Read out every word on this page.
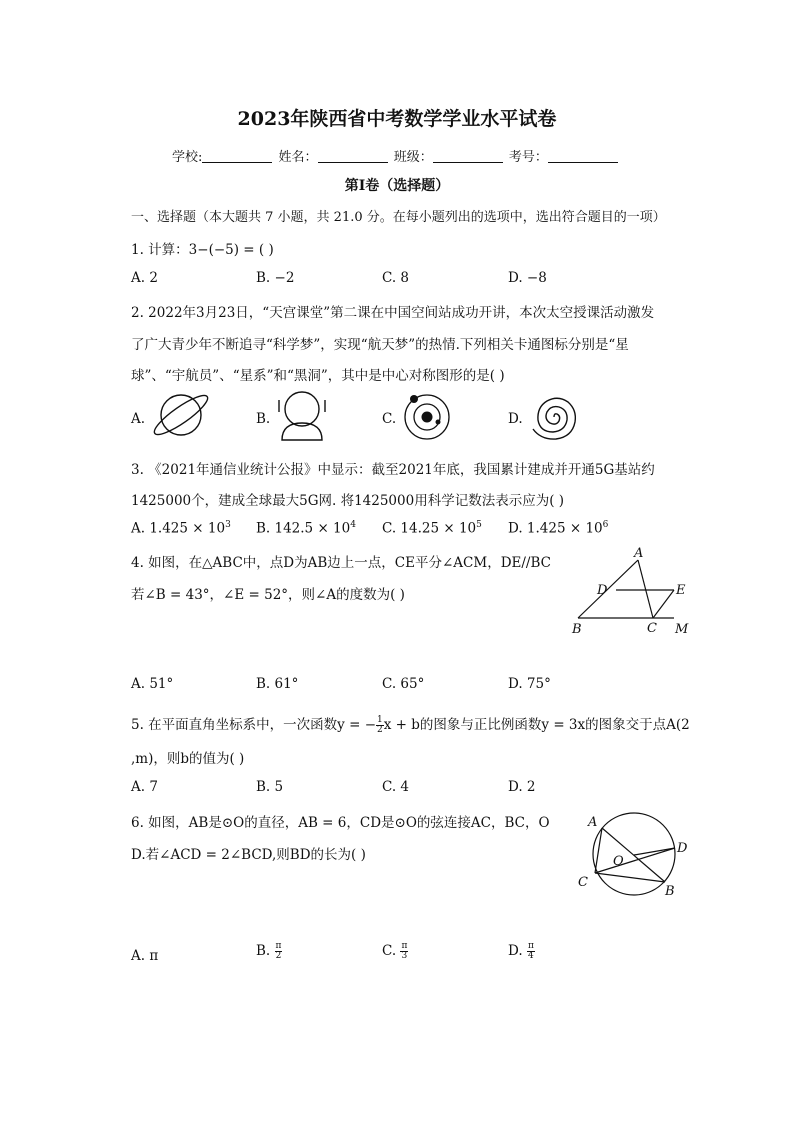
2023年陕西省中考数学学业水平试卷
学校:	姓名：	班级：	考号：
第I卷（选择题）
一、选择题（本大题共 7 小题，共 21.0 分。在每小题列出的选项中，选出符合题目的一项）
1. 计算：3−(−5) = ( )
A. 2	B. −2	C. 8	D. −8
2. 2022年3月23日，“天宫课堂”第二课在中国空间站成功开讲，本次太空授课活动激发
了广大青少年不断追寻“科学梦”，实现“航天梦”的热情.下列相关卡通图标分别是“星
球”、“宇航员”、“星系”和“黑洞”，其中是中心对称图形的是( )
A.	B.	C.	D.
3. 《2021年通信业统计公报》中显示：截至2021年底，我国累计建成并开通5G基站约
1425000个，建成全球最大5G网. 将1425000用科学记数法表示应为( )
A. $1.425 \times 10^3$ B. $142.5 \times 10^4$ C. $14.25 \times 10^5$ D. $1.425 \times 10^6$
4. 如图，在△ABC中，点D为AB边上一点，CE平分∠ACM，DE//BC
若∠B = 43°，∠E = 52°，则∠A的度数为( )
A
B	C
D	E
M
A. 51°	B. 61°	C. 65°	D. 75°
5. 在平面直角坐标系中，一次函数y = − $\frac{1}{2}$ x + b的图象与正比例函数y = 3x的图象交于点A(2
,m)，则b的值为( )
A. 7	B. 5	C. 4	D. 2
6. 如图，AB是⊙O的直径，AB = 6，CD是⊙O的弦连接AC，BC，O
D.若∠ACD = 2∠BCD,则BD的长为( )
A
B
C
D
O
A. π	B. $\frac{\pi}{2}$	C. $\frac{\pi}{3}$	D. $\frac{\pi}{4}$
